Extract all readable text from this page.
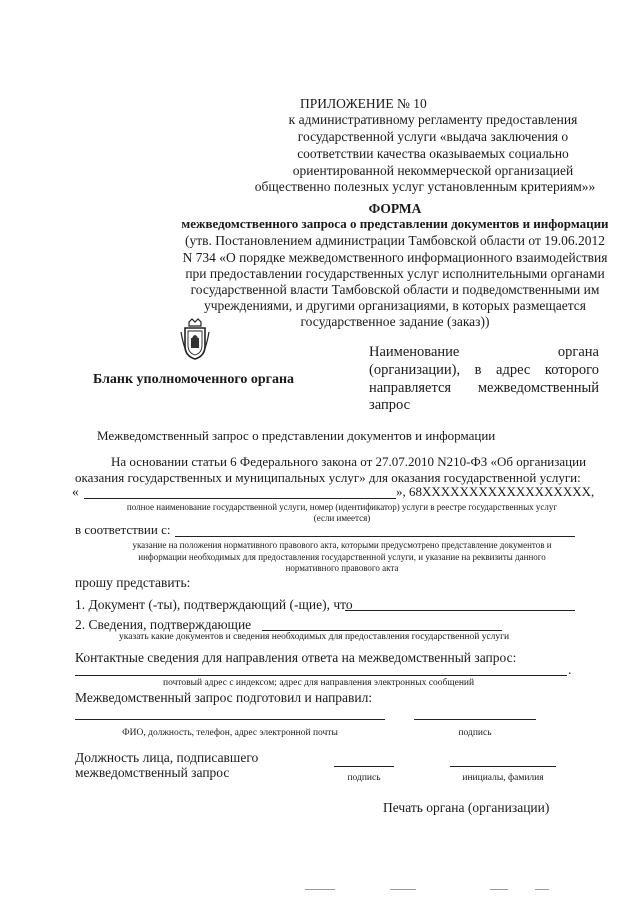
ПРИЛОЖЕНИЕ № 10
к административному регламенту предоставления
государственной услуги «выдача заключения о
соответствии качества оказываемых социально
ориентированной некоммерческой организацией
общественно полезных услуг установленным критериям»»
ФОРМА
межведомственного запроса о представлении документов и информации
(утв. Постановлением администрации Тамбовской области от 19.06.2012
N 734 «О порядке межведомственного информационного взаимодействия
при предоставлении государственных услуг исполнительными органами
государственной власти Тамбовской области и подведомственными им
учреждениями, и другими организациями, в которых размещается
государственное задание (заказ))
Бланк уполномоченного органа
Наименование органа
(организации), в адрес которого
направляется межведомственный
запрос
Межведомственный запрос о представлении документов и информации
На основании статьи 6 Федерального закона от 27.07.2010 N210-ФЗ «Об организации
оказания государственных и муниципальных услуг» для оказания государственной услуги:
«	», 68XXXXXXXXXXXXXXXXXX,
полное наименование государственной услуги, номер (идентификатор) услуги в реестре государственных услуг
(если имеется)
в соответствии с:
указание на положения нормативного правового акта, которыми предусмотрено представление документов и
информации необходимых для предоставления государственной услуги, и указание на реквизиты данного
нормативного правового акта
прошу представить:
1. Документ (-ты), подтверждающий (-щие), что
2. Сведения, подтверждающие
указать какие документов и сведения необходимых для предоставления государственной услуги
Контактные сведения для направления ответа на межведомственный запрос:
.
почтовый адрес с индексом; адрес для направления электронных сообщений
Межведомственный запрос подготовил и направил:
ФИО, должность, телефон, адрес электронной почты	подпись
Должность лица, подписавшего
межведомственный запрос	подпись	инициалы, фамилия
Печать органа (организации)
